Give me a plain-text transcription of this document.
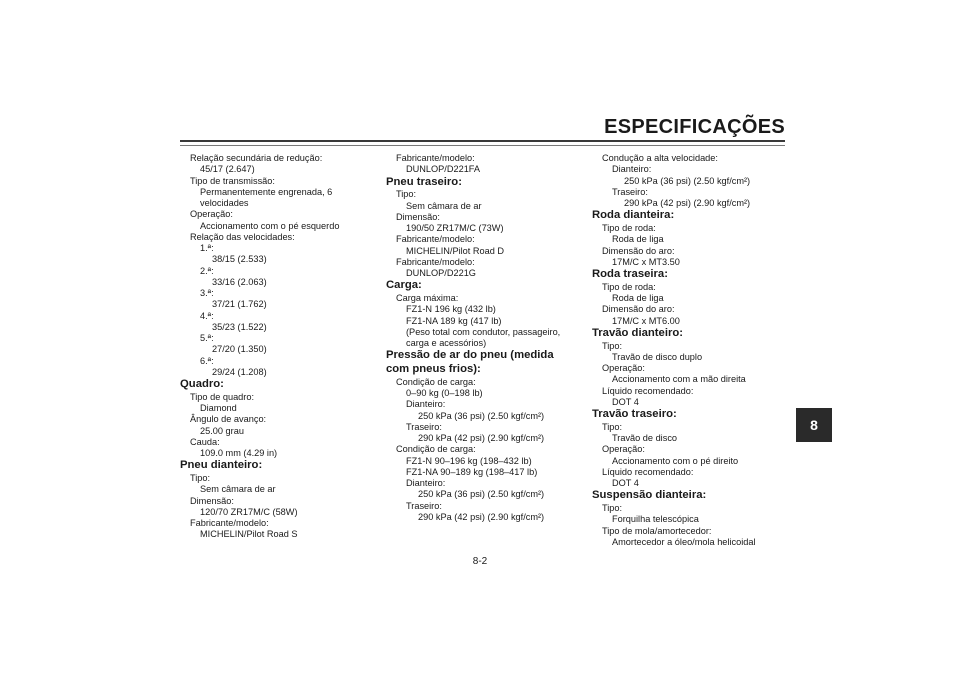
ESPECIFICAÇÕES
8
8-2
Relação secundária de redução:
45/17 (2.647)
Tipo de transmissão:
Permanentemente engrenada, 6 velocidades
Operação:
Accionamento com o pé esquerdo
Relação das velocidades:
1.ª:
38/15 (2.533)
2.ª:
33/16 (2.063)
3.ª:
37/21 (1.762)
4.ª:
35/23 (1.522)
5.ª:
27/20 (1.350)
6.ª:
29/24 (1.208)
Quadro:
Tipo de quadro:
Diamond
Ângulo de avanço:
25.00 grau
Cauda:
109.0 mm (4.29 in)
Pneu dianteiro:
Tipo:
Sem câmara de ar
Dimensão:
120/70 ZR17M/C (58W)
Fabricante/modelo:
MICHELIN/Pilot Road S
Fabricante/modelo:
DUNLOP/D221FA
Pneu traseiro:
Tipo:
Sem câmara de ar
Dimensão:
190/50 ZR17M/C (73W)
Fabricante/modelo:
MICHELIN/Pilot Road D
Fabricante/modelo:
DUNLOP/D221G
Carga:
Carga máxima:
FZ1-N 196 kg (432 lb)
FZ1-NA 189 kg (417 lb)
(Peso total com condutor, passageiro, carga e acessórios)
Pressão de ar do pneu (medida com pneus frios):
Condição de carga:
0–90 kg (0–198 lb)
Dianteiro:
250 kPa (36 psi) (2.50 kgf/cm²)
Traseiro:
290 kPa (42 psi) (2.90 kgf/cm²)
Condição de carga:
FZ1-N 90–196 kg (198–432 lb)
FZ1-NA 90–189 kg (198–417 lb)
Dianteiro:
250 kPa (36 psi) (2.50 kgf/cm²)
Traseiro:
290 kPa (42 psi) (2.90 kgf/cm²)
Condução a alta velocidade:
Dianteiro:
250 kPa (36 psi) (2.50 kgf/cm²)
Traseiro:
290 kPa (42 psi) (2.90 kgf/cm²)
Roda dianteira:
Tipo de roda:
Roda de liga
Dimensão do aro:
17M/C x MT3.50
Roda traseira:
Tipo de roda:
Roda de liga
Dimensão do aro:
17M/C x MT6.00
Travão dianteiro:
Tipo:
Travão de disco duplo
Operação:
Accionamento com a mão direita
Líquido recomendado:
DOT 4
Travão traseiro:
Tipo:
Travão de disco
Operação:
Accionamento com o pé direito
Líquido recomendado:
DOT 4
Suspensão dianteira:
Tipo:
Forquilha telescópica
Tipo de mola/amortecedor:
Amortecedor a óleo/mola helicoidal
